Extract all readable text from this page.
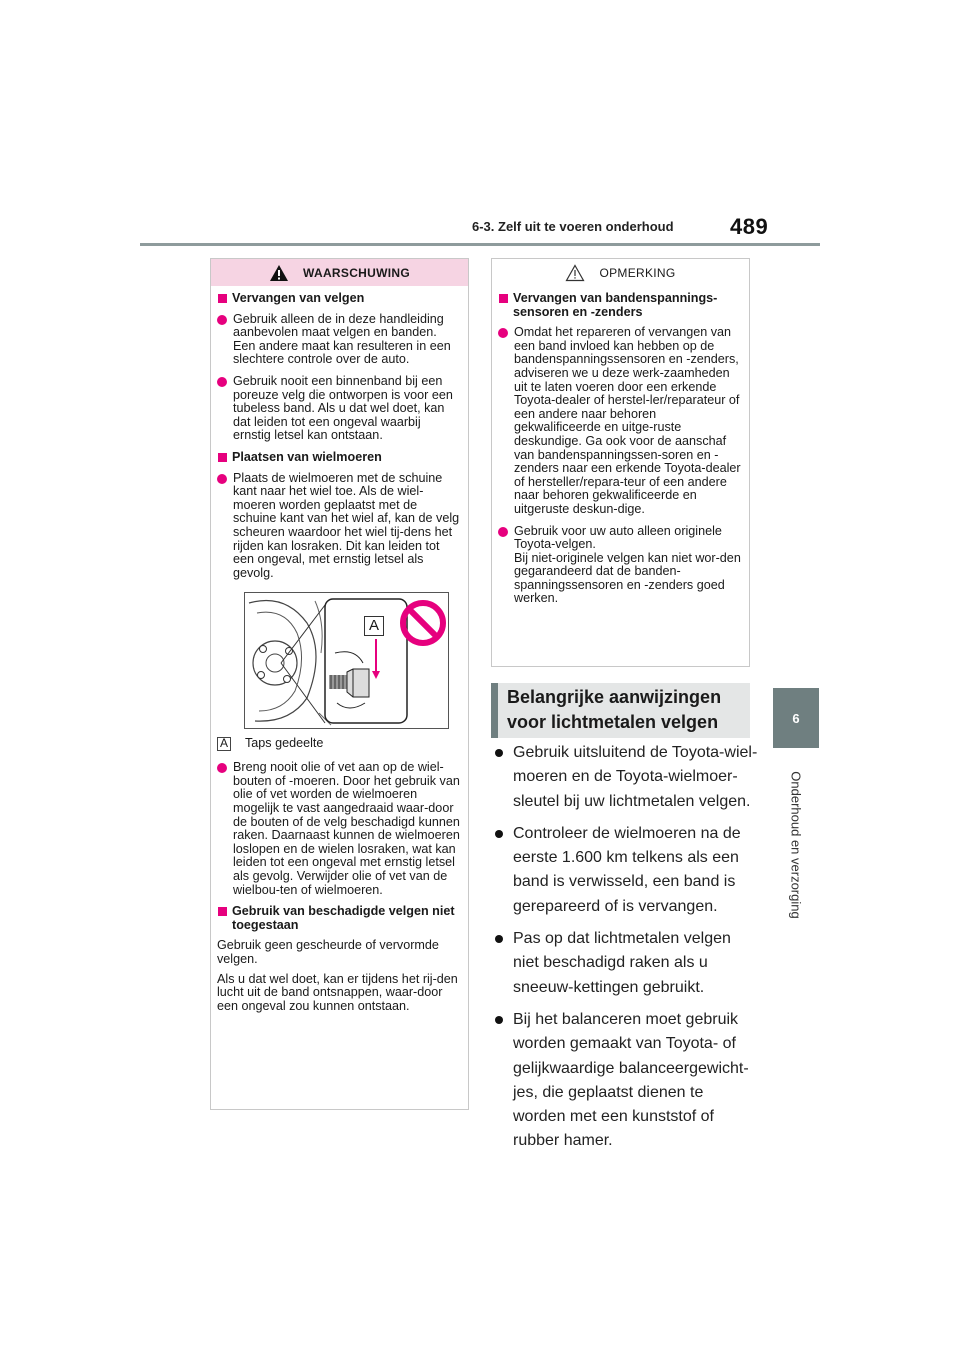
6-3. Zelf uit te voeren onderhoud	489
6
Onderhoud en verzorging
WAARSCHUWING
Vervangen van velgen
Gebruik alleen de in deze handleiding aanbevolen maat velgen en banden. Een andere maat kan resulteren in een slechtere controle over de auto.
Gebruik nooit een binnenband bij een poreuze velg die ontworpen is voor een tubeless band. Als u dat wel doet, kan dat leiden tot een ongeval waarbij ernstig letsel kan ontstaan.
Plaatsen van wielmoeren
Plaats de wielmoeren met de schuine kant naar het wiel toe. Als de wiel-moeren worden geplaatst met de schuine kant van het wiel af, kan de velg scheuren waardoor het wiel tij-dens het rijden kan losraken. Dit kan leiden tot een ongeval, met ernstig letsel als gevolg.
A
A Taps gedeelte
Breng nooit olie of vet aan op de wiel-bouten of -moeren. Door het gebruik van olie of vet worden de wielmoeren mogelijk te vast aangedraaid waar-door de bouten of de velg beschadigd kunnen raken. Daarnaast kunnen de wielmoeren loslopen en de wielen losraken, wat kan leiden tot een ongeval met ernstig letsel als gevolg. Verwijder olie of vet van de wielbou-ten of wielmoeren.
Gebruik van beschadigde velgen niet toegestaan
Gebruik geen gescheurde of vervormde velgen.
Als u dat wel doet, kan er tijdens het rij-den lucht uit de band ontsnappen, waar-door een ongeval zou kunnen ontstaan.
OPMERKING
Vervangen van bandenspannings-sensoren en -zenders
Omdat het repareren of vervangen van een band invloed kan hebben op de bandenspanningssensoren en -zenders, adviseren we u deze werk-zaamheden uit te laten voeren door een erkende Toyota-dealer of herstel-ler/reparateur of een andere naar behoren gekwalificeerde en uitge-ruste deskundige. Ga ook voor de aanschaf van bandenspanningssen-soren en -zenders naar een erkende Toyota-dealer of hersteller/repara-teur of een andere naar behoren gekwalificeerde en uitgeruste deskun-dige.
Gebruik voor uw auto alleen originele Toyota-velgen.
Bij niet-originele velgen kan niet wor-den gegarandeerd dat de banden-spanningssensoren en -zenders goed werken.
Belangrijke aanwijzingen voor lichtmetalen velgen
Gebruik uitsluitend de Toyota-wiel-moeren en de Toyota-wielmoer-sleutel bij uw lichtmetalen velgen.
Controleer de wielmoeren na de eerste 1.600 km telkens als een band is verwisseld, een band is gerepareerd of is vervangen.
Pas op dat lichtmetalen velgen niet beschadigd raken als u sneeuw-kettingen gebruikt.
Bij het balanceren moet gebruik worden gemaakt van Toyota- of gelijkwaardige balanceergewicht-jes, die geplaatst dienen te worden met een kunststof of rubber hamer.
